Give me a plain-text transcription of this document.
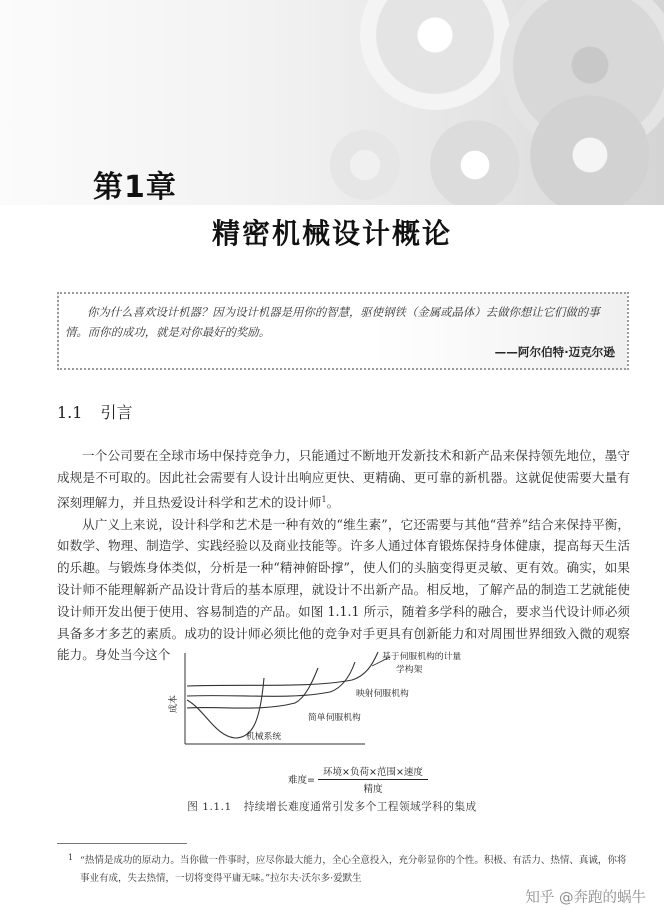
第1章
精密机械设计概论
你为什么喜欢设计机器？因为设计机器是用你的智慧，驱使钢铁（金属或晶体）去做你想让它们做的事情。而你的成功，就是对你最好的奖励。
——阿尔伯特·迈克尔逊
1.1 引言

一个公司要在全球市场中保持竞争力，只能通过不断地开发新技术和新产品来保持领先地位，墨守成规是不可取的。因此社会需要有人设计出响应更快、更精确、更可靠的新机器。这就促使需要大量有深刻理解力，并且热爱设计科学和艺术的设计师$^1$。

从广义上来说，设计科学和艺术是一种有效的“维生素”，它还需要与其他“营养”结合来保持平衡，如数学、物理、制造学、实践经验以及商业技能等。许多人通过体育锻炼保持身体健康，提高每天生活的乐趣。与锻炼身体类似，分析是一种“精神俯卧撑”，使人们的头脑变得更灵敏、更有效。确实，如果设计师不能理解新产品设计背后的基本原理，就设计不出新产品。相反地，了解产品的制造工艺就能使设计师开发出便于使用、容易制造的产品。如图 1.1.1 所示，随着多学科的融合，要求当代设计师必须具备多才多艺的素质。成功的设计师必须比他的竞争对手更具有创新能力和对周围世界细致入微的观察能力。身处当今这个

成本
基于伺服机构的计量
学构架
映射伺服机构
简单伺服机构
机械系统
难度=
环境×负荷×范围×速度
精度
图 1.1.1 持续增长难度通常引发多个工程领域学科的集成
1 “热情是成功的原动力。当你做一件事时，应尽你最大能力，全心全意投入，充分彰显你的个性。积极、有活力、热情、真诚，你将事业有成，失去热情，一切将变得平庸无味。”拉尔夫·沃尔多·爱默生
知乎 @奔跑的蜗牛
